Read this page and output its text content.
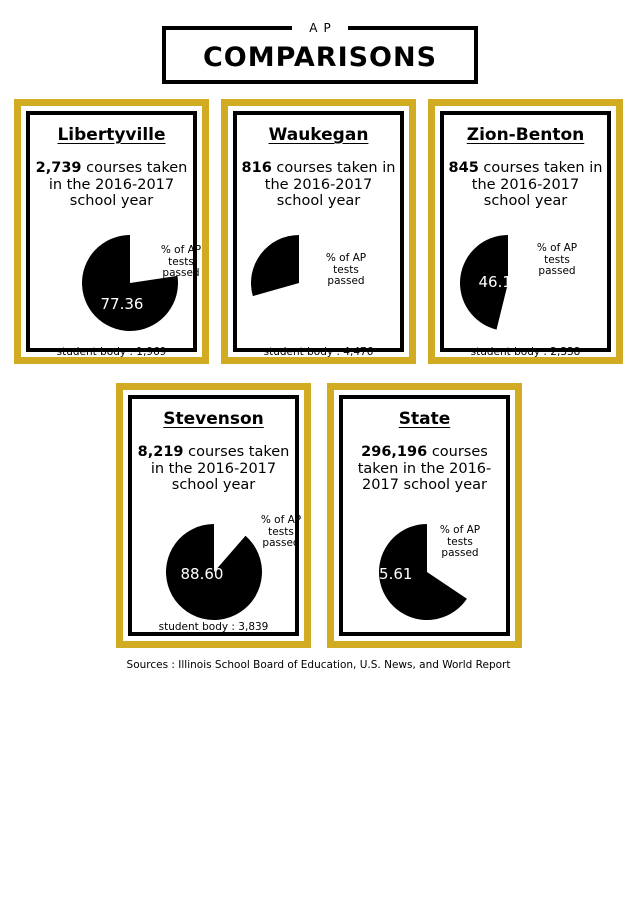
AP
COMPARISONS
Libertyville
2,739 courses taken in the 2016-2017 school year
% of AP tests passed
77.36
student body : 1,969
Waukegan
816 courses taken in the 2016-2017 school year
% of AP tests passed
29.41
student body : 4,476
Zion-Benton
845 courses taken in the 2016-2017 school year
% of AP tests passed
46.15
student body : 2,338
Stevenson
8,219 courses taken in the 2016-2017 school year
% of AP tests passed
88.60
student body : 3,839
State
296,196 courses taken in the 2016-2017 school year
% of AP tests passed
65.61
Sources : Illinois School Board of Education, U.S. News, and World Report
